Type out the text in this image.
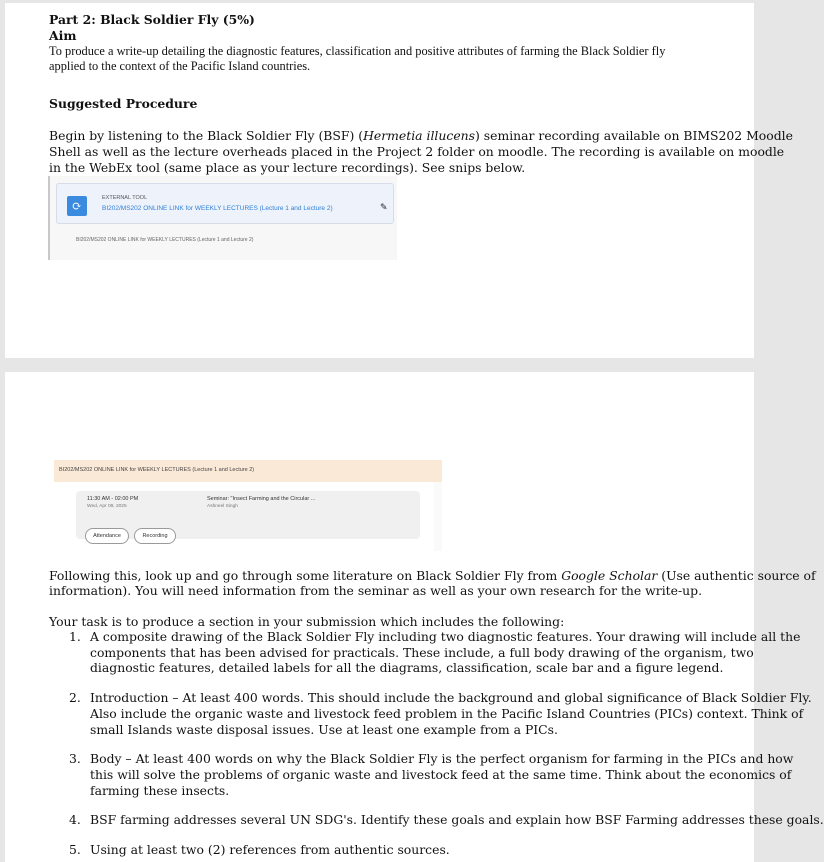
Part 2: Black Soldier Fly (5%)
Aim
To produce a write-up detailing the diagnostic features, classification and positive attributes of farming the Black Soldier fly
applied to the context of the Pacific Island countries.
Suggested Procedure
Begin by listening to the Black Soldier Fly (BSF) (Hermetia illucens) seminar recording available on BIMS202 Moodle
Shell as well as the lecture overheads placed in the Project 2 folder on moodle. The recording is available on moodle
in the WebEx tool (same place as your lecture recordings). See snips below.
⟳
EXTERNAL TOOL
BI202/MS202 ONLINE LINK for WEEKLY LECTURES (Lecture 1 and Lecture 2)	✎
BI202/MS202 ONLINE LINK for WEEKLY LECTURES (Lecture 1 and Lecture 2)
BI202/MS202 ONLINE LINK for WEEKLY LECTURES (Lecture 1 and Lecture 2)
11:30 AM - 02:00 PM
Wed, Apr 09, 2025
Seminar: "Insect Farming and the Circular ...
Ashneel Singh
Attendance	Recording
Following this, look up and go through some literature on Black Soldier Fly from Google Scholar (Use authentic source of
information). You will need information from the seminar as well as your own research for the write-up.
Your task is to produce a section in your submission which includes the following:
1. A composite drawing of the Black Soldier Fly including two diagnostic features. Your drawing will include all the
components that has been advised for practicals. These include, a full body drawing of the organism, two
diagnostic features, detailed labels for all the diagrams, classification, scale bar and a figure legend.
2. Introduction – At least 400 words. This should include the background and global significance of Black Soldier Fly.
Also include the organic waste and livestock feed problem in the Pacific Island Countries (PICs) context. Think of
small Islands waste disposal issues. Use at least one example from a PICs.
3. Body – At least 400 words on why the Black Soldier Fly is the perfect organism for farming in the PICs and how
this will solve the problems of organic waste and livestock feed at the same time. Think about the economics of
farming these insects.
4. BSF farming addresses several UN SDG's. Identify these goals and explain how BSF Farming addresses these goals.
5. Using at least two (2) references from authentic sources.
